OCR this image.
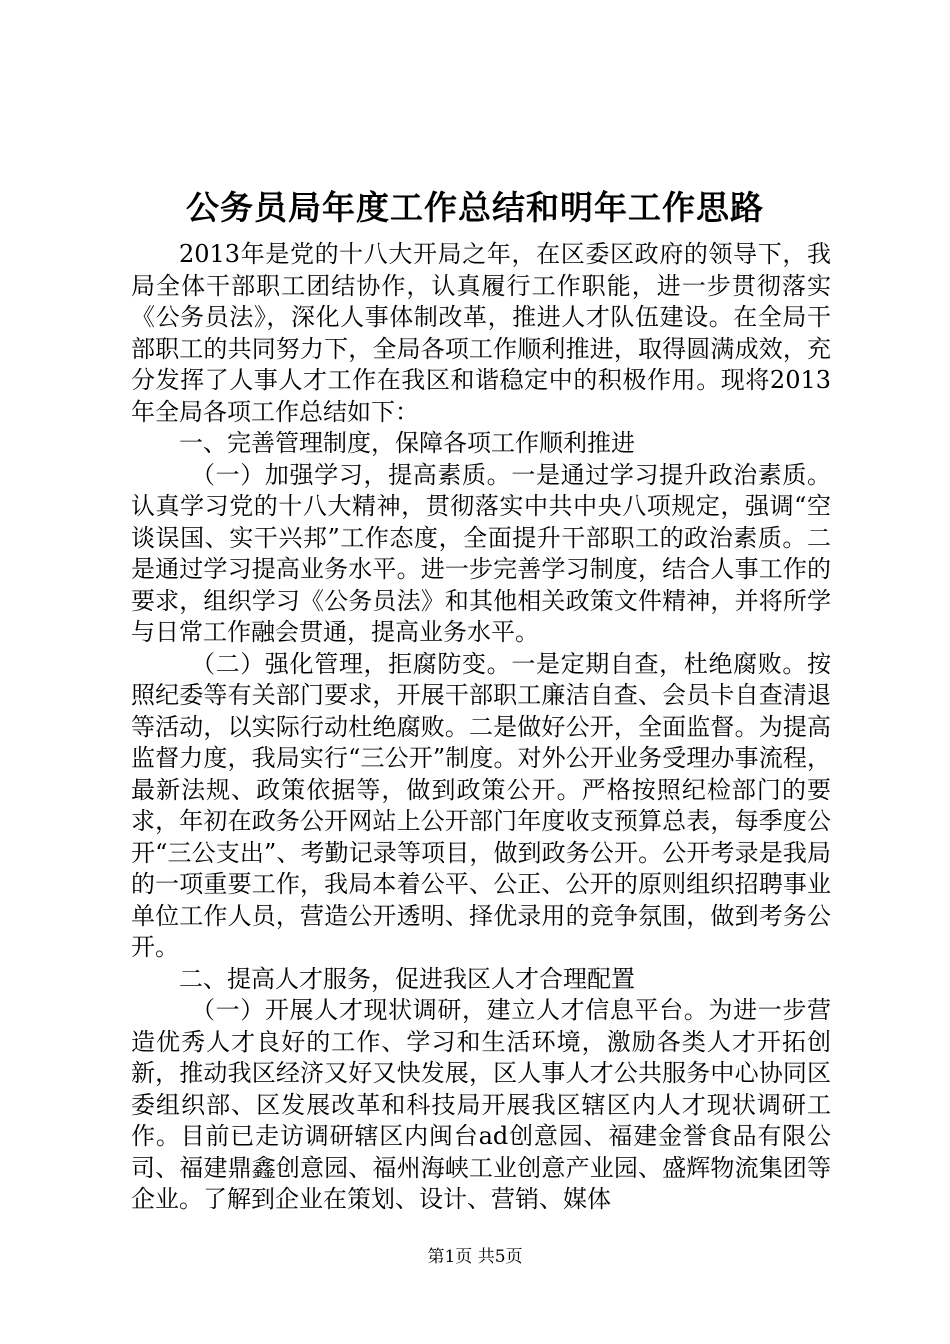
公务员局年度工作总结和明年工作思路

2013年是党的十八大开局之年，在区委区政府的领导下，我局全体干部职工团结协作，认真履行工作职能，进一步贯彻落实《公务员法》，深化人事体制改革，推进人才队伍建设。在全局干部职工的共同努力下，全局各项工作顺利推进，取得圆满成效，充分发挥了人事人才工作在我区和谐稳定中的积极作用。现将2013年全局各项工作总结如下：

一、完善管理制度，保障各项工作顺利推进

（一）加强学习，提高素质。一是通过学习提升政治素质。认真学习党的十八大精神，贯彻落实中共中央八项规定，强调“空谈误国、实干兴邦”工作态度，全面提升干部职工的政治素质。二是通过学习提高业务水平。进一步完善学习制度，结合人事工作的要求，组织学习《公务员法》和其他相关政策文件精神，并将所学与日常工作融会贯通，提高业务水平。

（二）强化管理，拒腐防变。一是定期自查，杜绝腐败。按照纪委等有关部门要求，开展干部职工廉洁自查、会员卡自查清退等活动，以实际行动杜绝腐败。二是做好公开，全面监督。为提高监督力度，我局实行“三公开”制度。对外公开业务受理办事流程，最新法规、政策依据等，做到政策公开。严格按照纪检部门的要求，年初在政务公开网站上公开部门年度收支预算总表，每季度公开“三公支出”、考勤记录等项目，做到政务公开。公开考录是我局的一项重要工作，我局本着公平、公正、公开的原则组织招聘事业单位工作人员，营造公开透明、择优录用的竞争氛围，做到考务公开。

二、提高人才服务，促进我区人才合理配置

（一）开展人才现状调研，建立人才信息平台。为进一步营造优秀人才良好的工作、学习和生活环境，激励各类人才开拓创新，推动我区经济又好又快发展，区人事人才公共服务中心协同区委组织部、区发展改革和科技局开展我区辖区内人才现状调研工作。目前已走访调研辖区内闽台ad创意园、福建金誉食品有限公司、福建鼎鑫创意园、福州海峡工业创意产业园、盛辉物流集团等企业。了解到企业在策划、设计、营销、媒体

第1页 共5页
